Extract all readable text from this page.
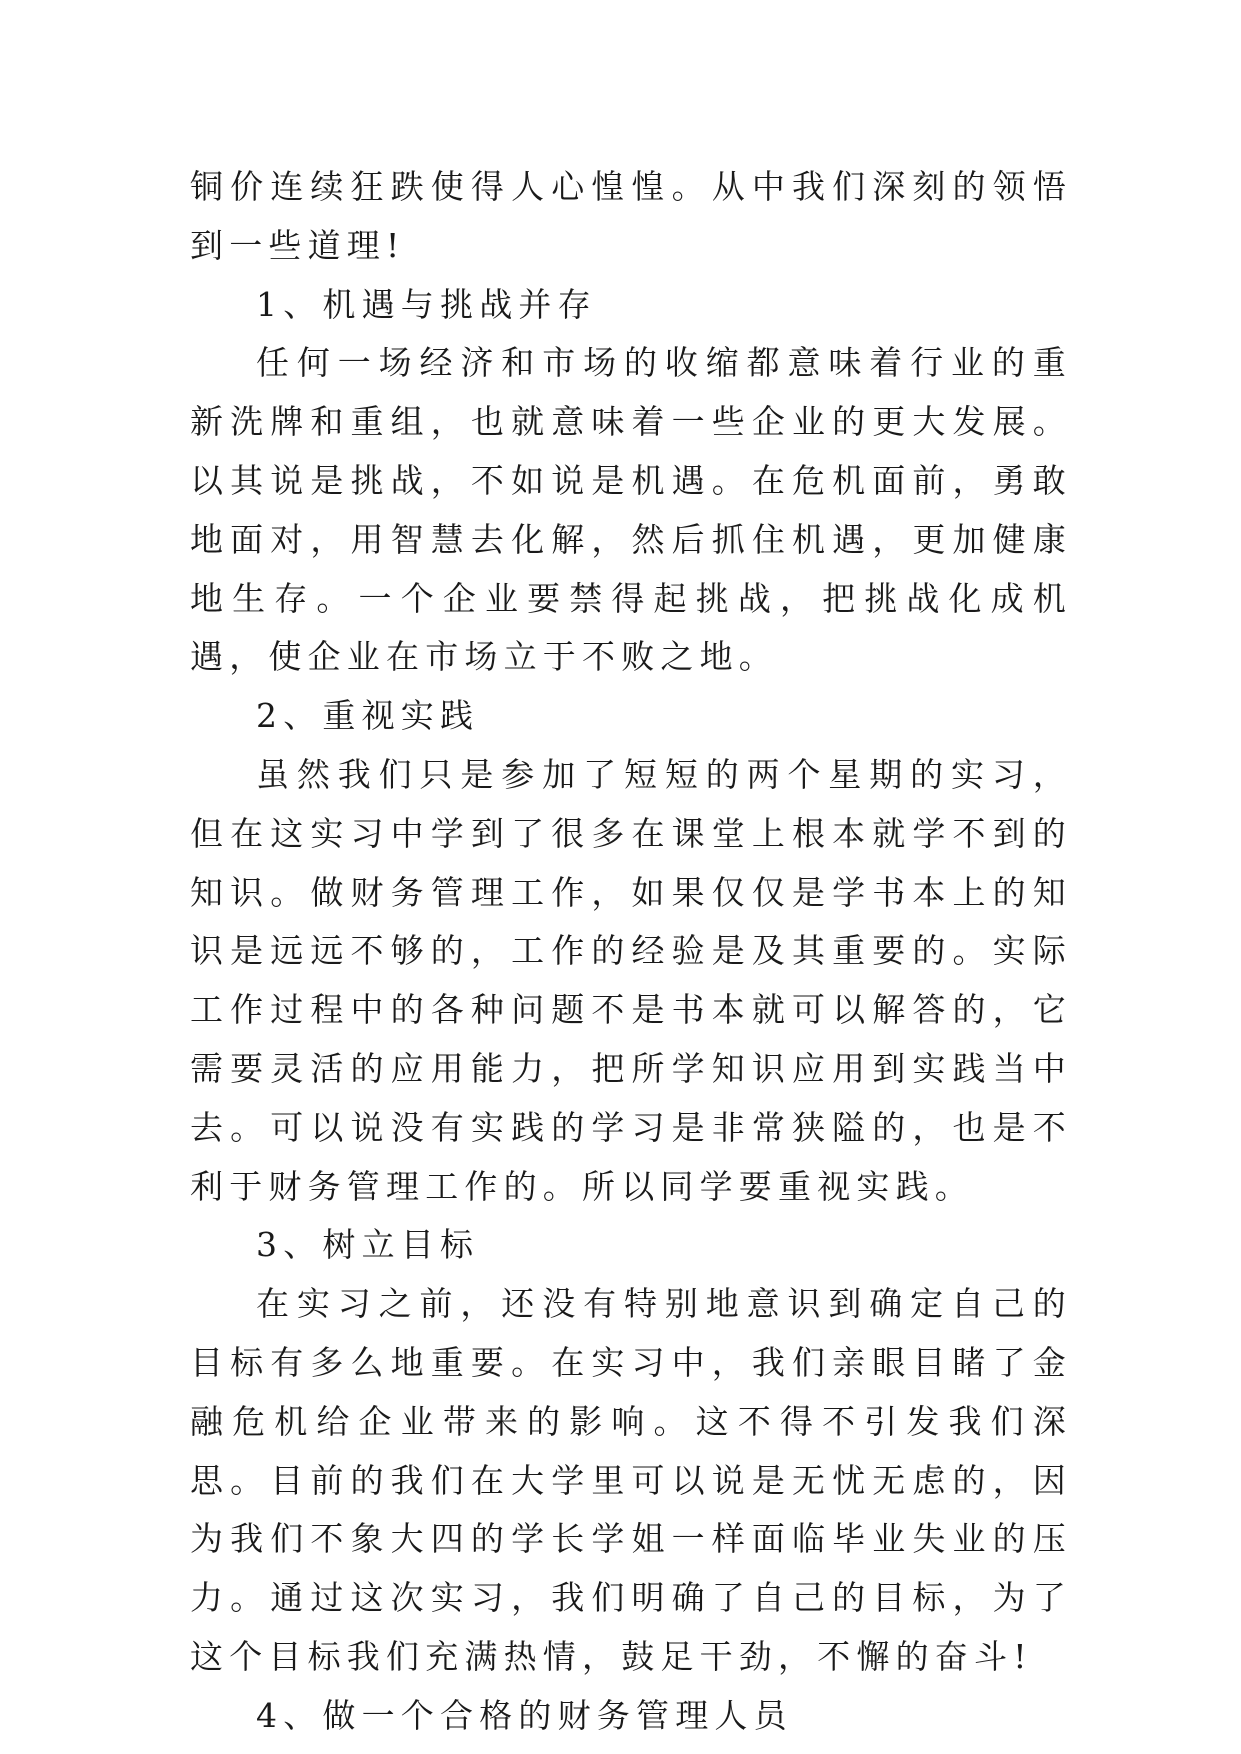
铜价连续狂跌使得人心惶惶。从中我们深刻的领悟到一些道理!

1、机遇与挑战并存

任何一场经济和市场的收缩都意味着行业的重新洗牌和重组，也就意味着一些企业的更大发展。以其说是挑战，不如说是机遇。在危机面前，勇敢地面对，用智慧去化解，然后抓住机遇，更加健康地生存。一个企业要禁得起挑战，把挑战化成机遇，使企业在市场立于不败之地。

2、重视实践

虽然我们只是参加了短短的两个星期的实习，但在这实习中学到了很多在课堂上根本就学不到的知识。做财务管理工作，如果仅仅是学书本上的知识是远远不够的，工作的经验是及其重要的。实际工作过程中的各种问题不是书本就可以解答的，它需要灵活的应用能力，把所学知识应用到实践当中去。可以说没有实践的学习是非常狭隘的，也是不利于财务管理工作的。所以同学要重视实践。

3、树立目标

在实习之前，还没有特别地意识到确定自己的目标有多么地重要。在实习中，我们亲眼目睹了金融危机给企业带来的影响。这不得不引发我们深思。目前的我们在大学里可以说是无忧无虑的，因为我们不象大四的学长学姐一样面临毕业失业的压力。通过这次实习，我们明确了自己的目标，为了这个目标我们充满热情，鼓足干劲，不懈的奋斗!

4、做一个合格的财务管理人员
